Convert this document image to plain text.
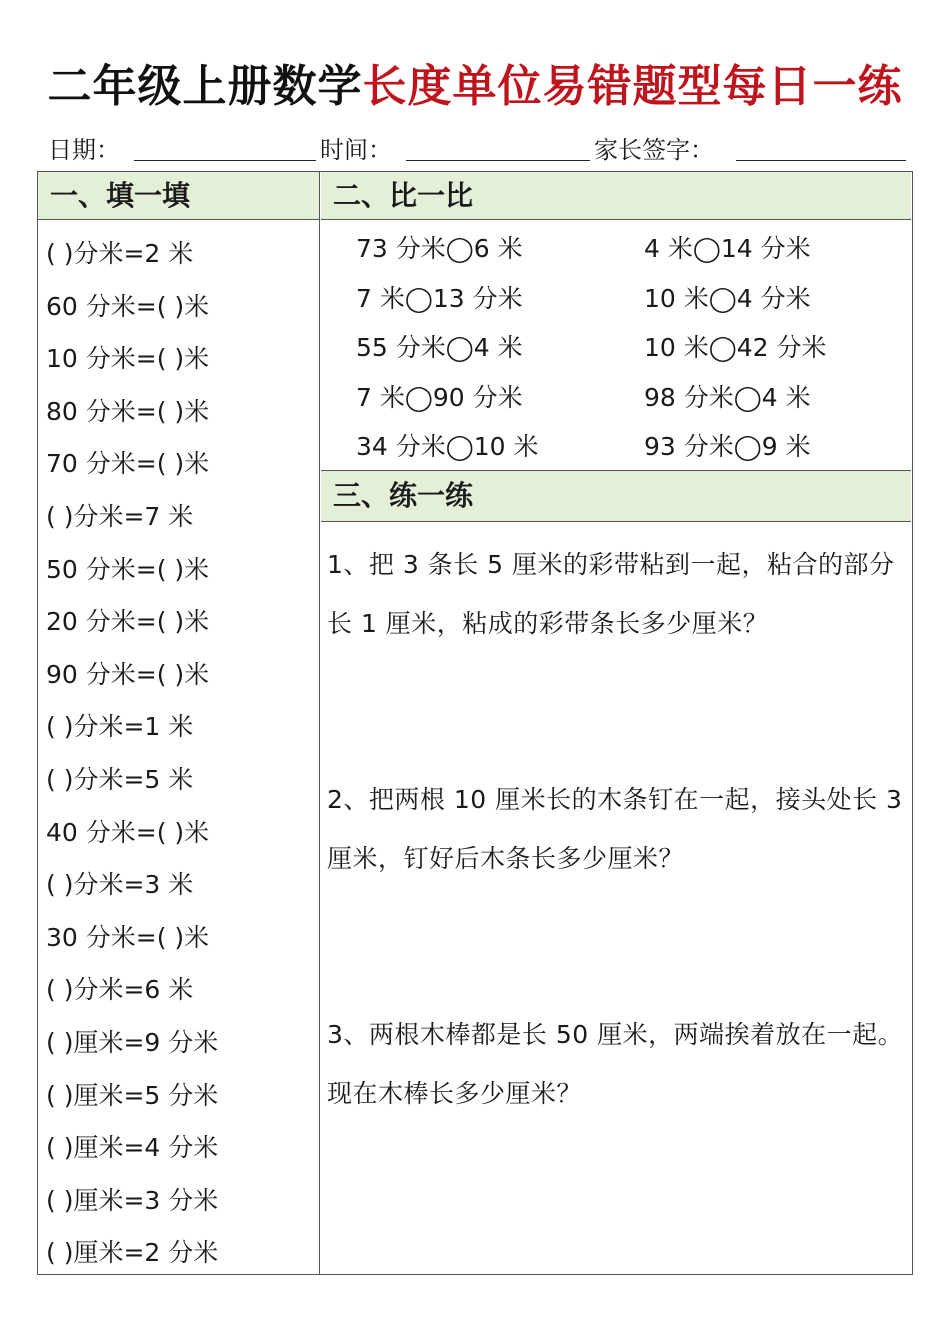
二年级上册数学长度单位易错题型每日一练
日期：	时间：	家长签字：
一、填一填	二、比一比
三、练一练
( )分米=2 米
60 分米=( )米
10 分米=( )米
80 分米=( )米
70 分米=( )米
( )分米=7 米
50 分米=( )米
20 分米=( )米
90 分米=( )米
( )分米=1 米
( )分米=5 米
40 分米=( )米
( )分米=3 米
30 分米=( )米
( )分米=6 米
( )厘米=9 分米
( )厘米=5 分米
( )厘米=4 分米
( )厘米=3 分米
( )厘米=2 分米
73 分米◯6 米	4 米◯14 分米
7 米◯13 分米	10 米◯4 分米
55 分米◯4 米	10 米◯42 分米
7 米◯90 分米	98 分米◯4 米
34 分米◯10 米	93 分米◯9 米
1、把 3 条长 5 厘米的彩带粘到一起，粘合的部分长 1 厘米，粘成的彩带条长多少厘米？
2、把两根 10 厘米长的木条钉在一起，接头处长 3 厘米，钉好后木条长多少厘米？
3、两根木棒都是长 50 厘米，两端挨着放在一起。现在木棒长多少厘米？
